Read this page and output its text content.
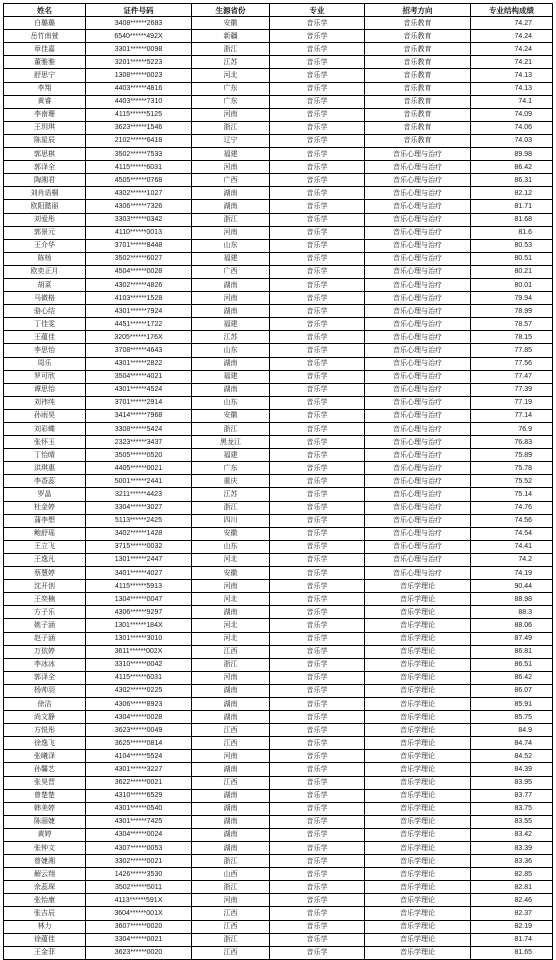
姓名	证件号码	生源省份	专业	招考方向	专业结构成绩
白璐璐	3408******2683	安徽	音乐学	音乐教育	74.27
岳竹南萱	6540******492X	新疆	音乐学	音乐教育	74.24
章佳嘉	3301******0098	浙江	音乐学	音乐教育	74.24
董雅雅	3201******5223	江苏	音乐学	音乐教育	74.21
舒思宁	1308******0023	河北	音乐学	音乐教育	74.13
李翔	4403******4816	广东	音乐学	音乐教育	74.13
黄睿	4403******7310	广东	音乐学	音乐教育	74.1
李南珊	4115******5125	河南	音乐学	音乐教育	74.09
王玥琪	3623******1546	浙江	音乐学	音乐教育	74.06
陈星辰	2102******6418	辽宁	音乐学	音乐教育	74.03
郭思棋	3502******7533	福建	音乐学	音乐心理与治疗	89.98
郭泽全	4115******6031	河南	音乐学	音乐心理与治疗	86.42
陶湘君	4505******0768	广西	音乐学	音乐心理与治疗	86.31
刘肖语桐	4302******1027	湖南	音乐学	音乐心理与治疗	82.12
欧阳懿丽	4306******7326	湖南	音乐学	音乐心理与治疗	81.71
刘爱彤	3303******0342	浙江	音乐学	音乐心理与治疗	81.68
郭景元	4110******0013	河南	音乐学	音乐心理与治疗	81.6
王介华	3701******8448	山东	音乐学	音乐心理与治疗	80.53
陈杨	3502******6027	福建	音乐学	音乐心理与治疗	80.51
欧奕正月	4504******0028	广西	音乐学	音乐心理与治疗	80.21
胡菜	4302******4826	湖南	音乐学	音乐心理与治疗	80.01
马微格	4103******1528	河南	音乐学	音乐心理与治疗	79.94
骆心结	4301******7924	湖南	音乐学	音乐心理与治疗	78.99
丁佳雯	4451******1722	福建	音乐学	音乐心理与治疗	78.57
王蕴佳	3205******176X	江苏	音乐学	音乐心理与治疗	78.15
李思怡	3708******4643	山东	音乐学	音乐心理与治疗	77.85
周乐	4301******2822	湖南	音乐学	音乐心理与治疗	77.56
罗可欣	3504******4021	福建	音乐学	音乐心理与治疗	77.47
谭思怡	4301******4524	湖南	音乐学	音乐心理与治疗	77.39
刘祎纯	3701******2914	山东	音乐学	音乐心理与治疗	77.19
孙雨昊	3414******7968	安徽	音乐学	音乐心理与治疗	77.14
刘彩蝶	3308******5424	浙江	音乐学	音乐心理与治疗	76.9
张怀玉	2323******3437	黑龙江	音乐学	音乐心理与治疗	76.83
丁怡晴	3505******0520	福建	音乐学	音乐心理与治疗	75.89
洪琪惠	4405******0021	广东	音乐学	音乐心理与治疗	75.78
李香蕊	5001******2441	重庆	音乐学	音乐心理与治疗	75.52
罗晶	3211******4423	江苏	音乐学	音乐心理与治疗	75.14
杜金婷	3304******3027	浙江	音乐学	音乐心理与治疗	74.76
蒲李想	5113******2425	四川	音乐学	音乐心理与治疗	74.56
鲍舒瑶	3402******1428	安徽	音乐学	音乐心理与治疗	74.54
王立飞	3715******0032	山东	音乐学	音乐心理与治疗	74.41
王逸凡	1301******2447	河北	音乐学	音乐心理与治疗	74.2
蔡慧婷	3401******4027	安徽	音乐学	音乐心理与治疗	74.19
沈开创	4115******5913	河南	音乐学	音乐学理论	90.44
王奕楠	1304******0047	河北	音乐学	音乐学理论	88.98
方子乐	4306******9297	湖南	音乐学	音乐学理论	88.3
姚子涵	1301******184X	河北	音乐学	音乐学理论	88.06
赵子涵	1301******3010	河北	音乐学	音乐学理论	87.49
万依婷	3611******002X	江西	音乐学	音乐学理论	86.81
李冰冰	3310******0042	浙江	音乐学	音乐学理论	86.51
郭泽全	4115******6031	河南	音乐学	音乐学理论	86.42
杨帅羽	4302******0225	湖南	音乐学	音乐学理论	86.07
徐洁	4306******8923	湖南	音乐学	音乐学理论	85.91
尚文静	4304******0028	湖南	音乐学	音乐学理论	85.75
方悦彤	3623******0049	江西	音乐学	音乐学理论	84.9
徐逸飞	3625******0814	江西	音乐学	音乐学理论	84.74
张曦泽	4104******5524	河南	音乐学	音乐学理论	84.52
孙馨艺	4301******3227	湖南	音乐学	音乐学理论	84.39
张昊晋	3622******0021	江西	音乐学	音乐学理论	83.95
曾楚楚	4310******6529	湖南	音乐学	音乐学理论	83.77
韩美婷	4301******0540	湖南	音乐学	音乐学理论	83.75
陈丽婕	4301******7425	湖南	音乐学	音乐学理论	83.55
黄婷	4304******0024	湖南	音乐学	音乐学理论	83.42
张钟文	4307******0053	湖南	音乐学	音乐学理论	83.39
曾婕湘	3302******0021	浙江	音乐学	音乐学理论	83.36
解云翔	1426******3530	山西	音乐学	音乐学理论	82.85
余蕊琛	3502******5011	浙江	音乐学	音乐学理论	82.81
张怡康	4113******591X	河南	音乐学	音乐学理论	82.46
张吉辰	3604******001X	江西	音乐学	音乐学理论	82.37
林力	3607******0020	江西	音乐学	音乐学理论	82.19
徐蕴佳	3304******0021	浙江	音乐学	音乐学理论	81.74
王金菲	3623******0020	江西	音乐学	音乐学理论	81.65
